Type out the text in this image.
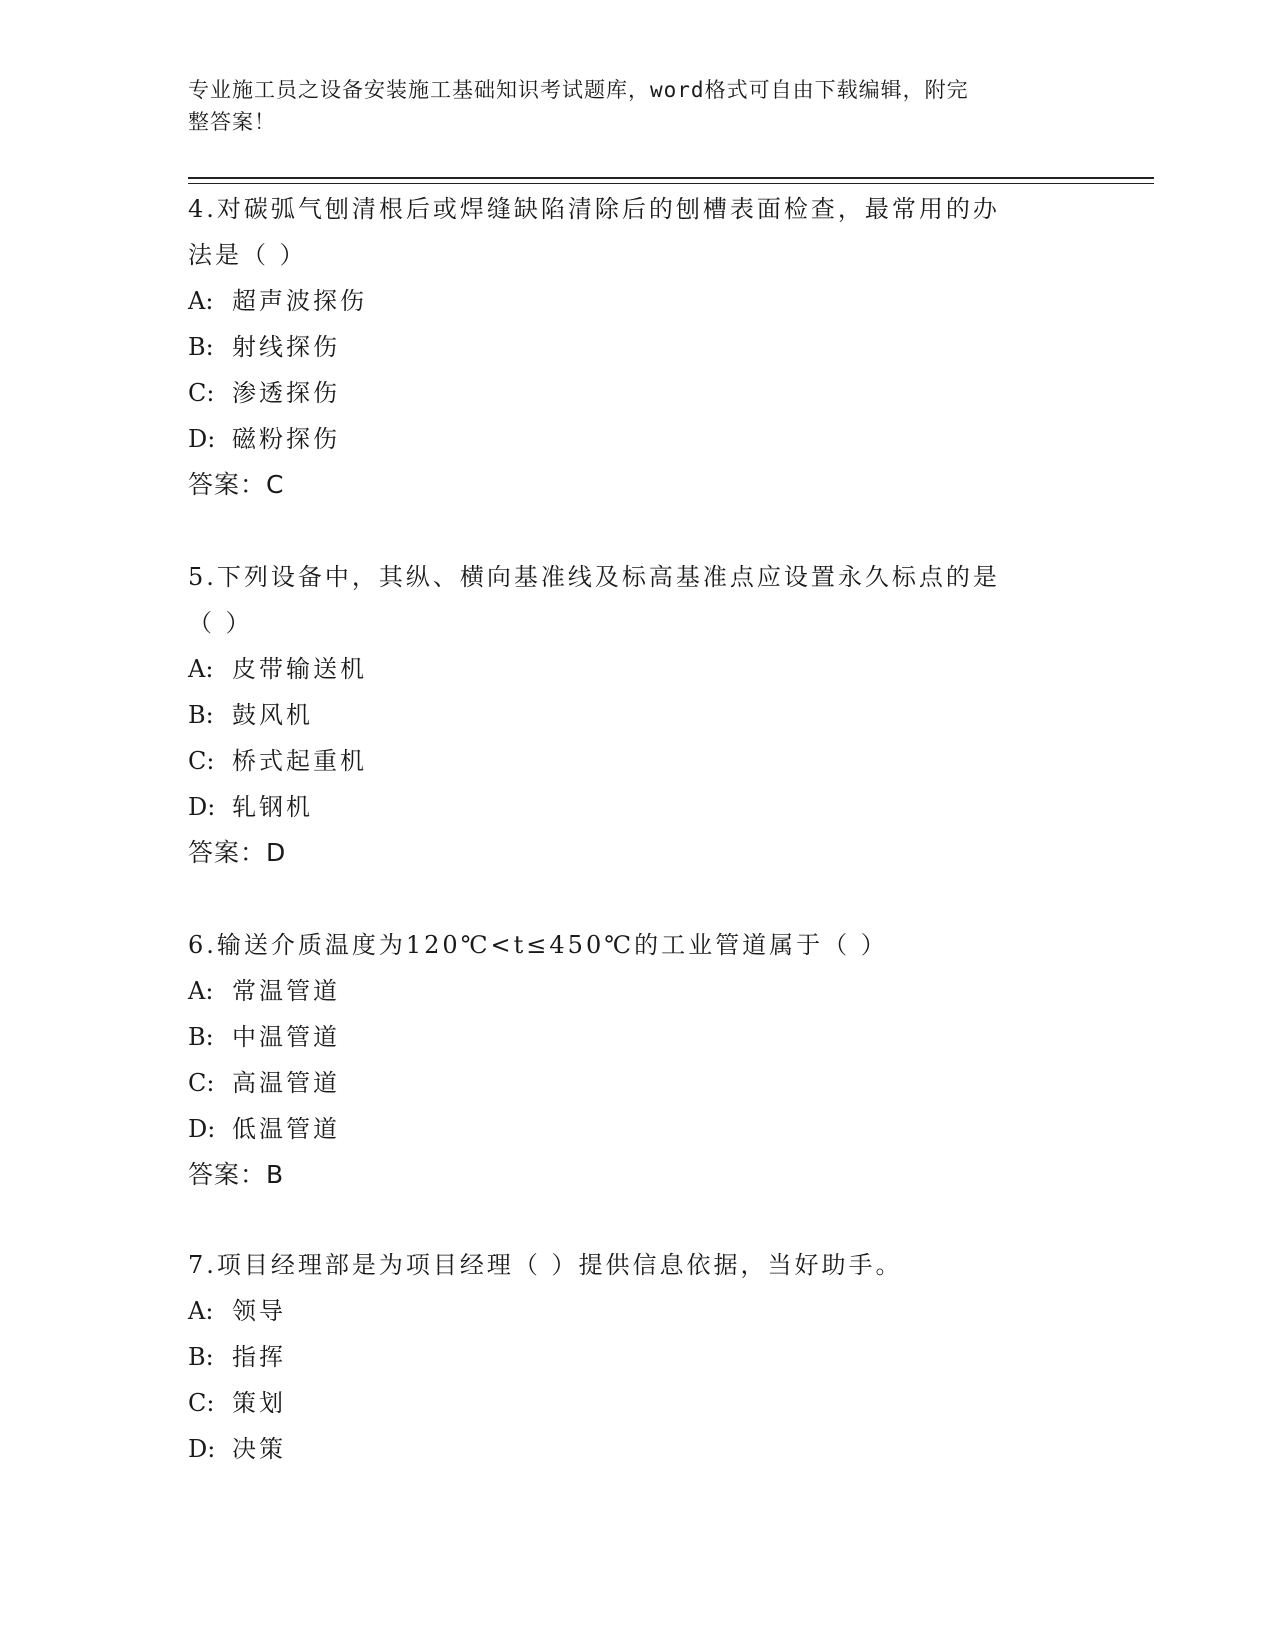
专业施工员之设备安装施工基础知识考试题库，word格式可自由下载编辑，附完
整答案！
4.对碳弧气刨清根后或焊缝缺陷清除后的刨槽表面检查，最常用的办
法是（ ）
A: 超声波探伤
B: 射线探伤
C: 渗透探伤
D: 磁粉探伤
答案：C
5.下列设备中，其纵、横向基准线及标高基准点应设置永久标点的是
（ ）
A: 皮带输送机
B: 鼓风机
C: 桥式起重机
D: 轧钢机
答案：D
6.输送介质温度为120℃<t≤450℃的工业管道属于（ ）
A: 常温管道
B: 中温管道
C: 高温管道
D: 低温管道
答案：B
7.项目经理部是为项目经理（ ）提供信息依据，当好助手。
A: 领导
B: 指挥
C: 策划
D: 决策
